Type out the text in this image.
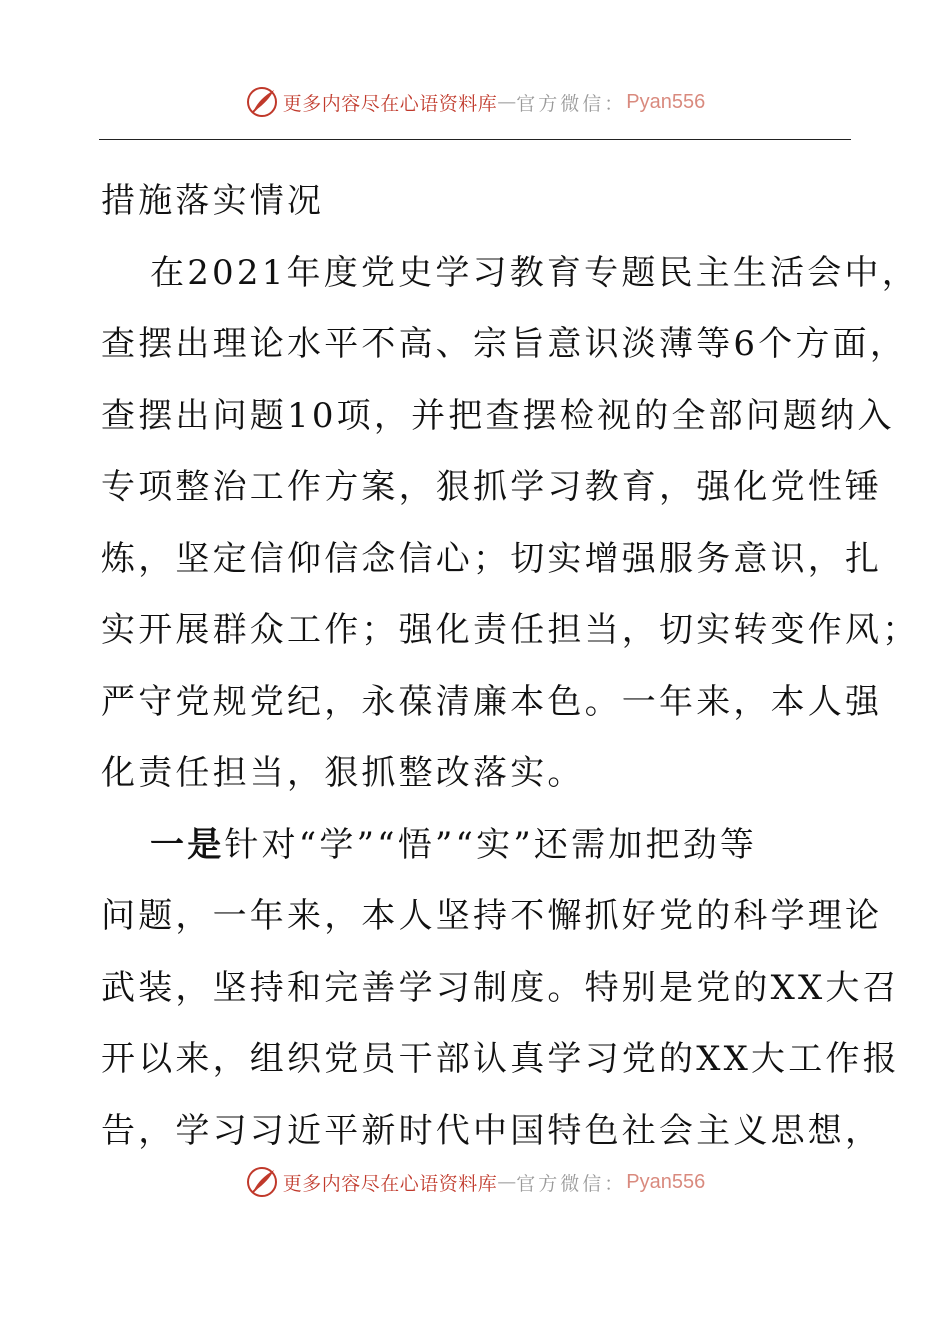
更多内容尽在心语资料库 — 官方微信： Pyan556
措施落实情况
在2021年度党史学习教育专题民主生活会中，
查摆出理论水平不高、宗旨意识淡薄等6个方面，
查摆出问题10项，并把查摆检视的全部问题纳入
专项整治工作方案，狠抓学习教育，强化党性锤
炼，坚定信仰信念信心；切实增强服务意识，扎
实开展群众工作；强化责任担当，切实转变作风；
严守党规党纪，永葆清廉本色。一年来，本人强
化责任担当，狠抓整改落实。
一是针对“学”“悟”“实”还需加把劲等
问题，一年来，本人坚持不懈抓好党的科学理论
武装，坚持和完善学习制度。特别是党的XX大召
开以来，组织党员干部认真学习党的XX大工作报
告，学习习近平新时代中国特色社会主义思想，
更多内容尽在心语资料库 — 官方微信： Pyan556
